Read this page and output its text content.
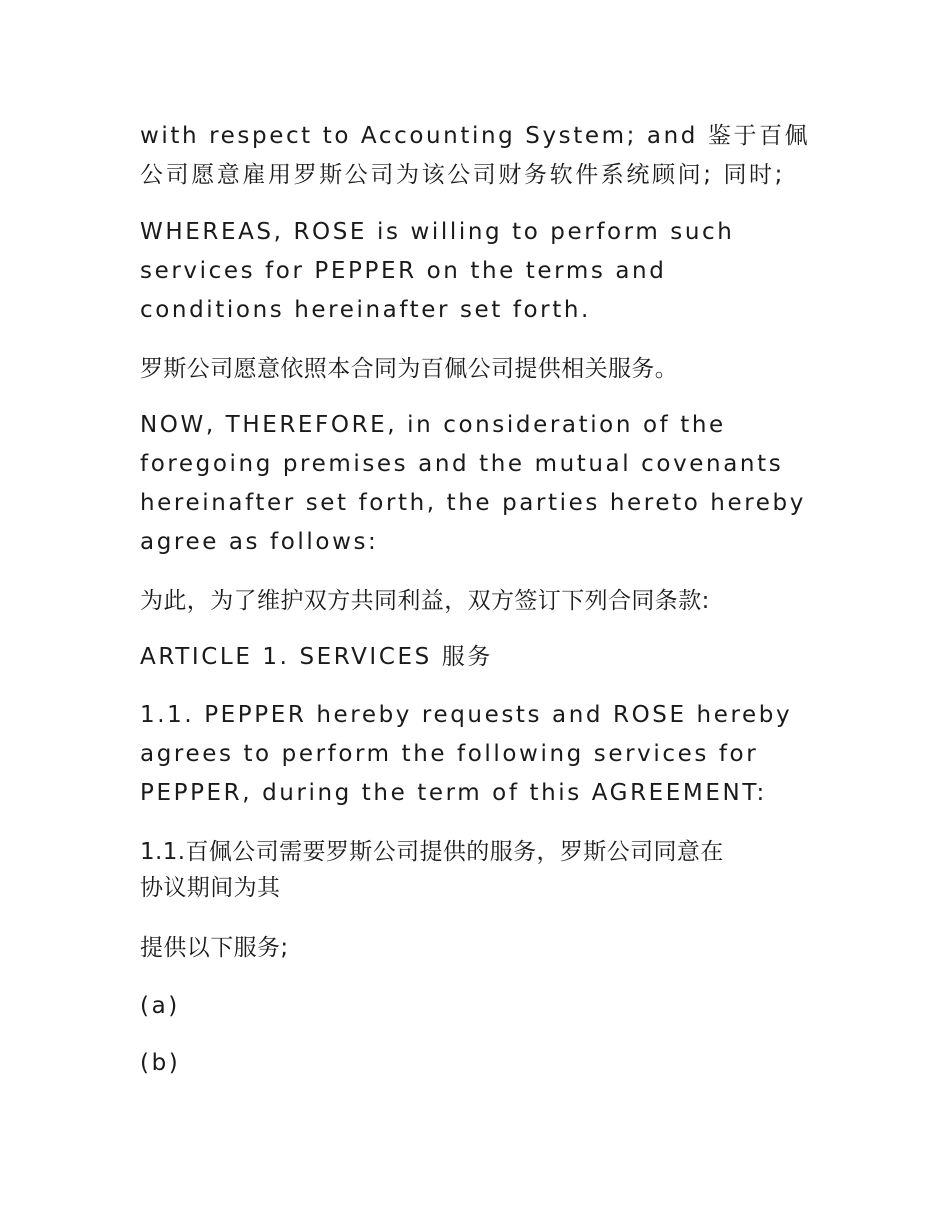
with respect to Accounting System; and 鉴于百佩
公司愿意雇用罗斯公司为该公司财务软件系统顾问; 同时;

WHEREAS, ROSE is willing to perform such
services for PEPPER on the terms and
conditions hereinafter set forth.

罗斯公司愿意依照本合同为百佩公司提供相关服务。

NOW, THEREFORE, in consideration of the
foregoing premises and the mutual covenants
hereinafter set forth, the parties hereto hereby
agree as follows:

为此，为了维护双方共同利益，双方签订下列合同条款:

ARTICLE 1. SERVICES 服务

1.1. PEPPER hereby requests and ROSE hereby
agrees to perform the following services for
PEPPER, during the term of this AGREEMENT:

1.1.百佩公司需要罗斯公司提供的服务，罗斯公司同意在
协议期间为其

提供以下服务;

(a)

(b)
